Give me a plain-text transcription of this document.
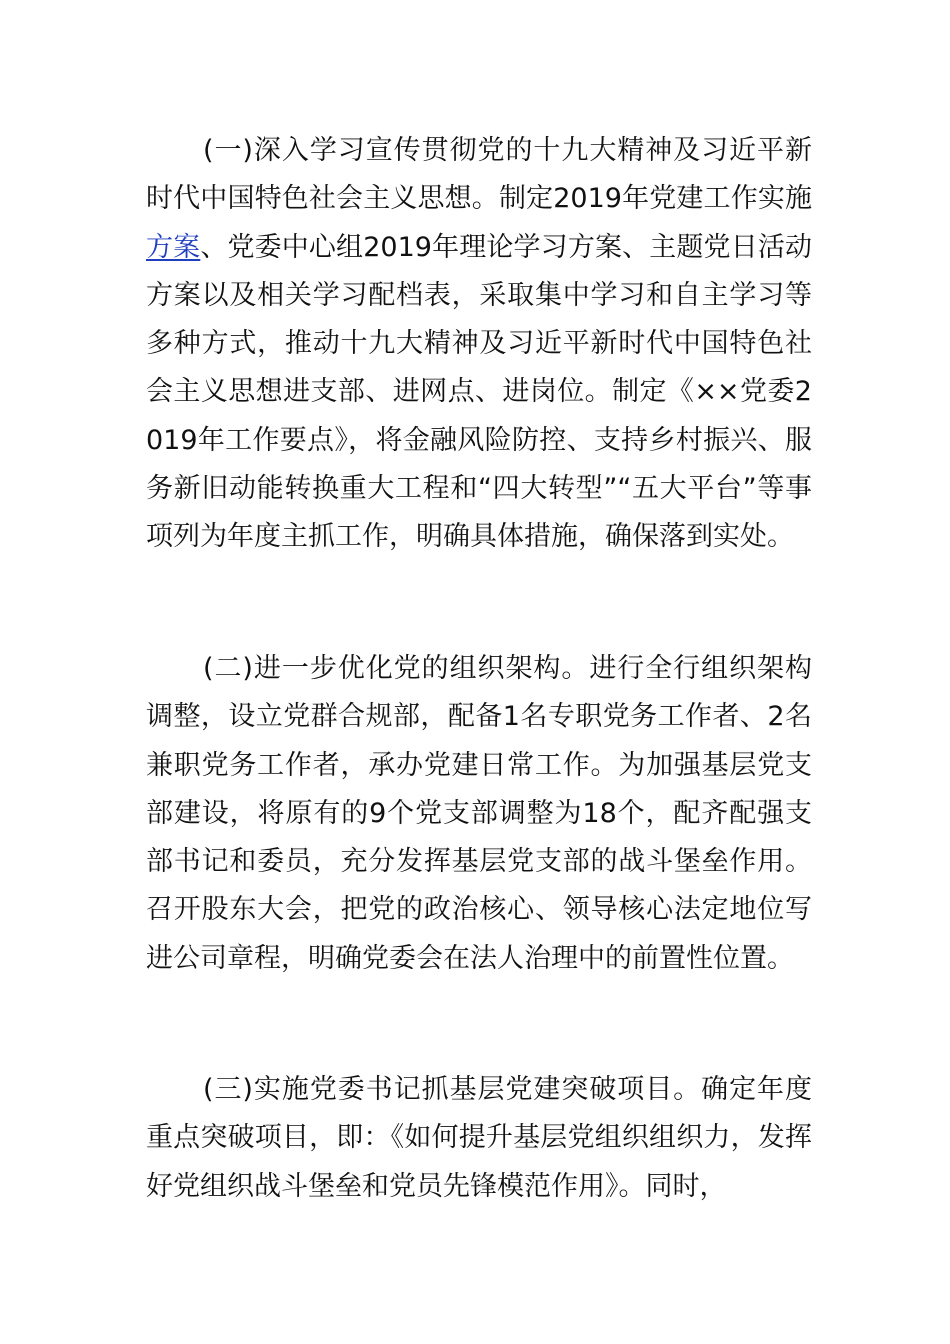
(一)深入学习宣传贯彻党的十九大精神及习近平新时代中国特色社会主义思想。制定2019年党建工作实施方案、党委中心组2019年理论学习方案、主题党日活动方案以及相关学习配档表，采取集中学习和自主学习等多种方式，推动十九大精神及习近平新时代中国特色社会主义思想进支部、进网点、进岗位。制定《××党委2019年工作要点》，将金融风险防控、支持乡村振兴、服务新旧动能转换重大工程和“四大转型”“五大平台”等事项列为年度主抓工作，明确具体措施，确保落到实处。

(二)进一步优化党的组织架构。进行全行组织架构调整，设立党群合规部，配备1名专职党务工作者、2名兼职党务工作者，承办党建日常工作。为加强基层党支部建设，将原有的9个党支部调整为18个，配齐配强支部书记和委员，充分发挥基层党支部的战斗堡垒作用。召开股东大会，把党的政治核心、领导核心法定地位写进公司章程，明确党委会在法人治理中的前置性位置。

(三)实施党委书记抓基层党建突破项目。确定年度重点突破项目，即：《如何提升基层党组织组织力，发挥好党组织战斗堡垒和党员先锋模范作用》。同时，
